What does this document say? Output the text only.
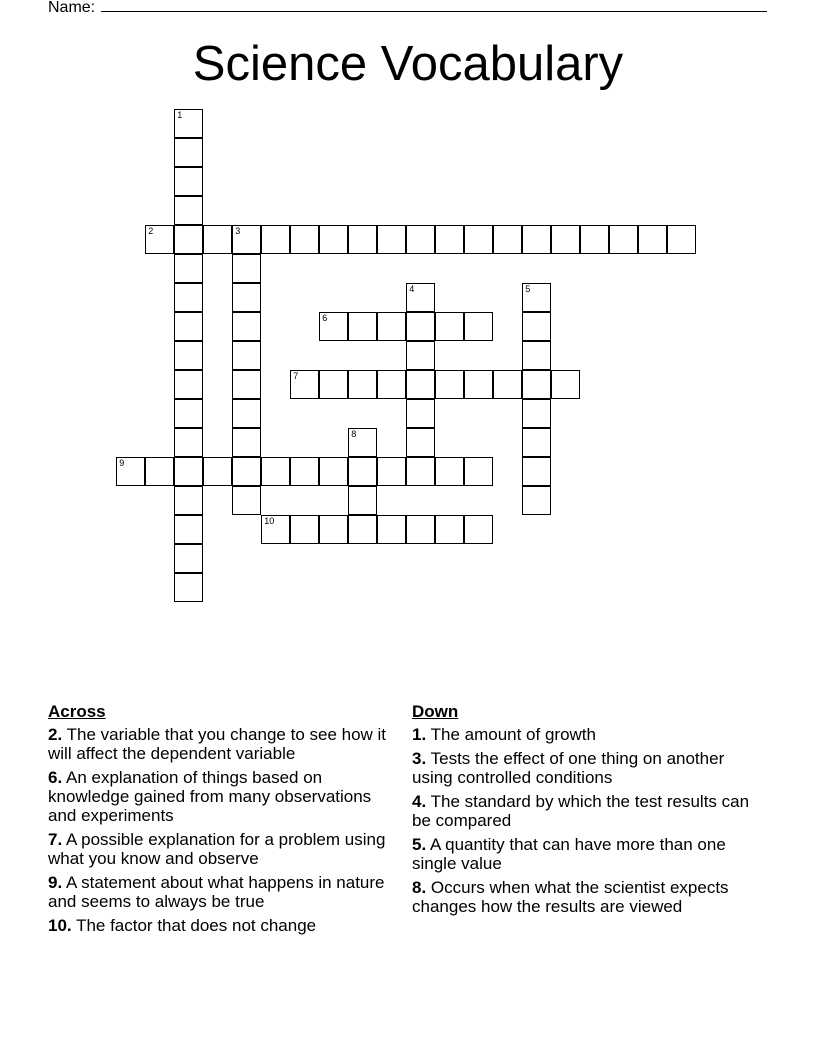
Name:
Science Vocabulary
1
2	3
4	5
6
7
8
9
10
Across
2. The variable that you change to see how it will affect the dependent variable
6. An explanation of things based on knowledge gained from many observations and experiments
7. A possible explanation for a problem using what you know and observe
9. A statement about what happens in nature and seems to always be true
10. The factor that does not change
Down
1. The amount of growth
3. Tests the effect of one thing on another using controlled conditions
4. The standard by which the test results can be compared
5. A quantity that can have more than one single value
8. Occurs when what the scientist expects changes how the results are viewed
